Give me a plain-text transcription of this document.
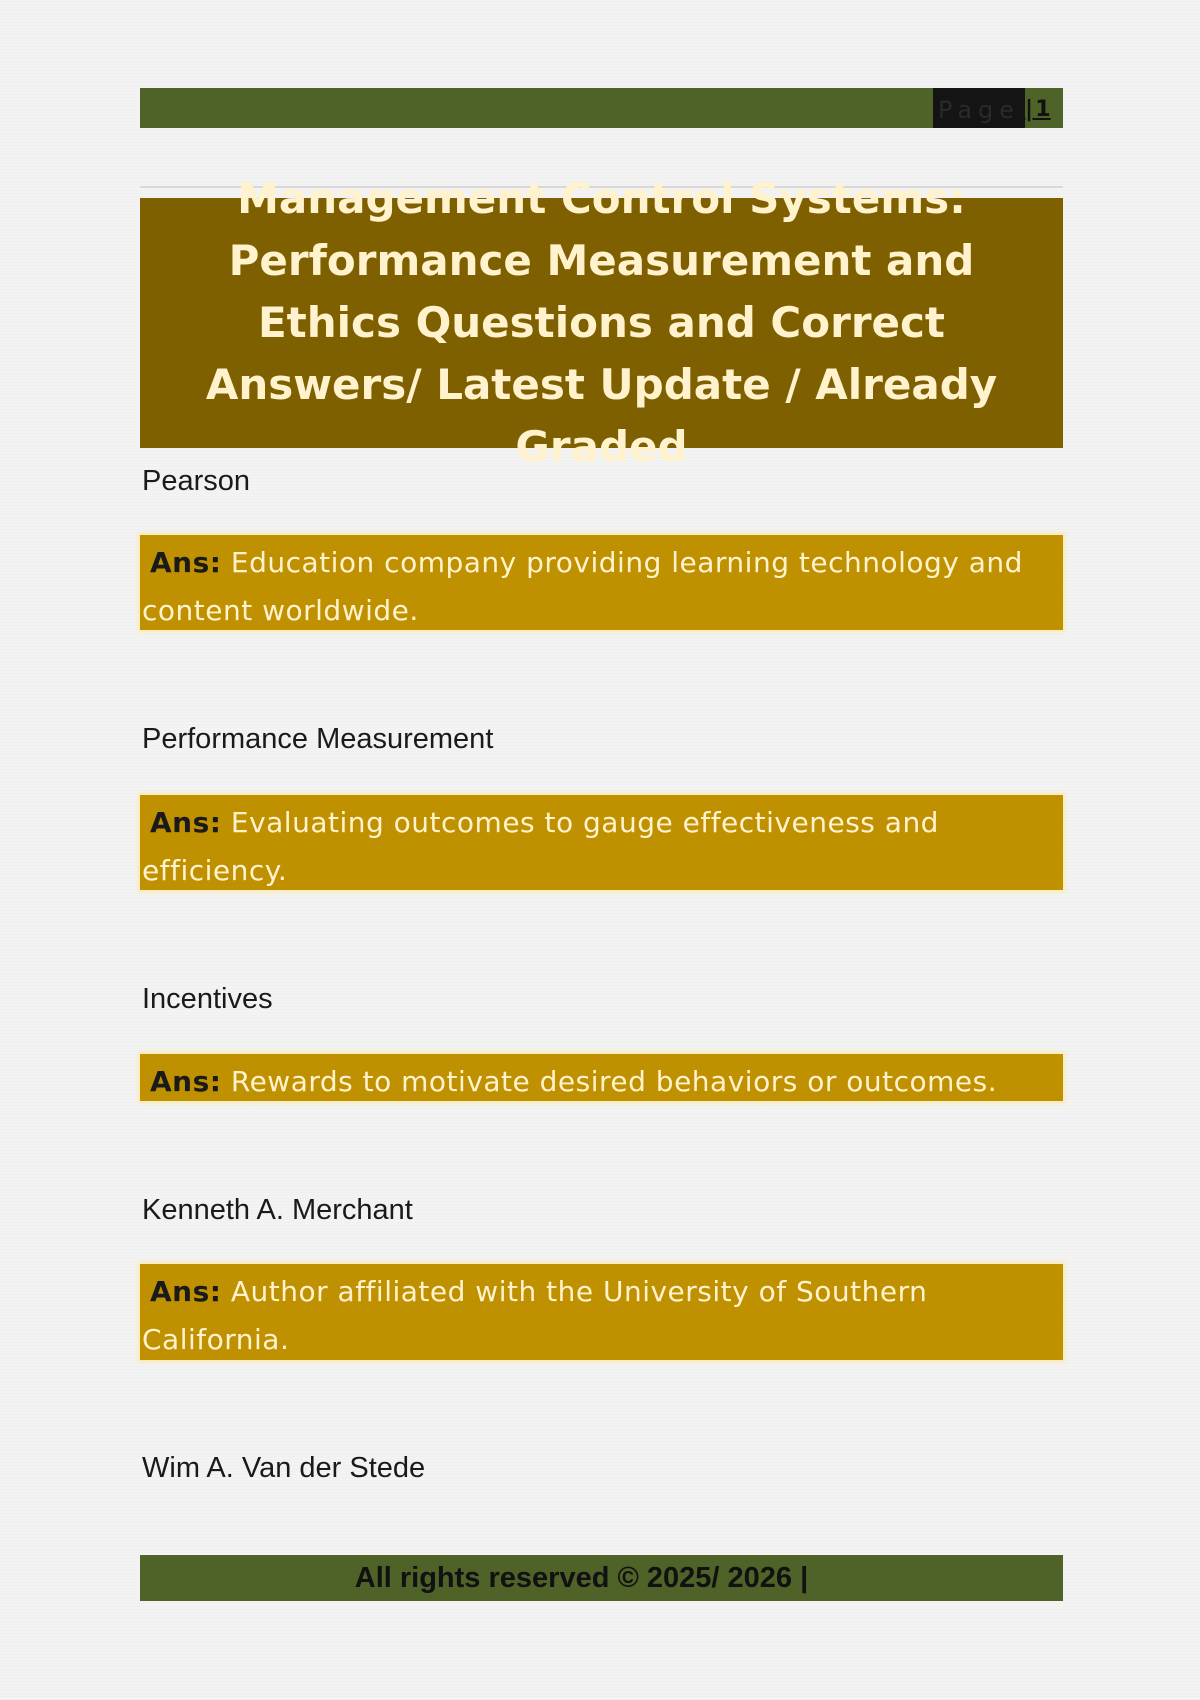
Page | 1
Management Control Systems: Performance Measurement and Ethics Questions and Correct Answers/ Latest Update / Already Graded

Pearson

Ans: Education company providing learning technology and content worldwide.

Performance Measurement

Ans: Evaluating outcomes to gauge effectiveness and efficiency.

Incentives

Ans: Rewards to motivate desired behaviors or outcomes.

Kenneth A. Merchant

Ans: Author affiliated with the University of Southern California.

Wim A. Van der Stede

All rights reserved © 2025/ 2026 |
